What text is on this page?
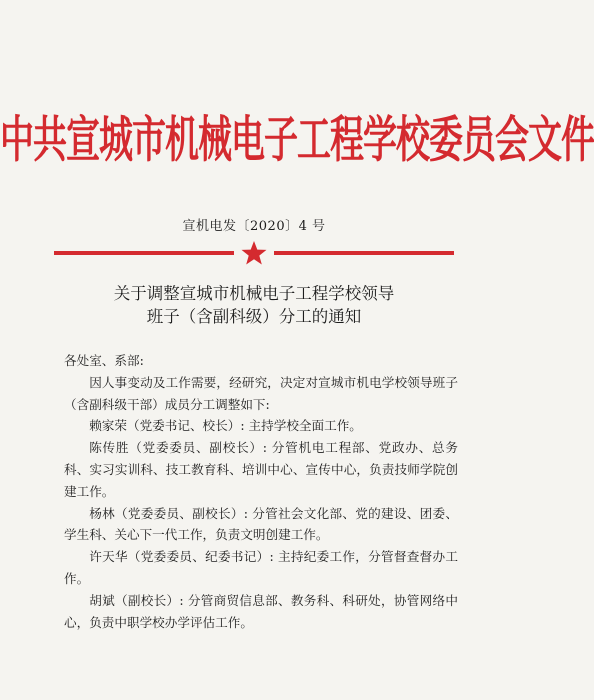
中共宣城市机械电子工程学校委员会文件
宣机电发〔2020〕4 号
关于调整宣城市机械电子工程学校领导
班子（含副科级）分工的通知

各处室、系部:

因人事变动及工作需要，经研究，决定对宣城市机电学校领导班子（含副科级干部）成员分工调整如下:

赖家荣（党委书记、校长）: 主持学校全面工作。

陈传胜（党委委员、副校长）: 分管机电工程部、党政办、总务科、实习实训科、技工教育科、培训中心、宣传中心，负责技师学院创建工作。

杨林（党委委员、副校长）: 分管社会文化部、党的建设、团委、学生科、关心下一代工作，负责文明创建工作。

许天华（党委委员、纪委书记）: 主持纪委工作，分管督查督办工作。

胡斌（副校长）: 分管商贸信息部、教务科、科研处，协管网络中心，负责中职学校办学评估工作。
